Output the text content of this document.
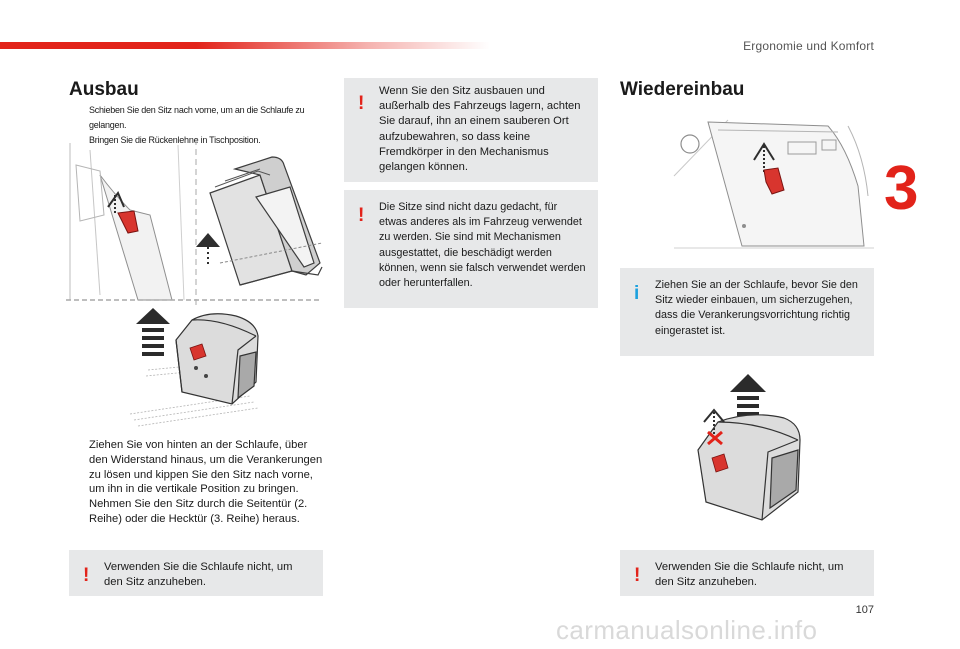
Ergonomie und Komfort
3
107
Ausbau
Schieben Sie den Sitz nach vorne, um an die Schlaufe zu gelangen.
Bringen Sie die Rückenlehne in Tischposition.
Ziehen Sie von hinten an der Schlaufe, über den Widerstand hinaus, um die Verankerungen zu lösen und kippen Sie den Sitz nach vorne, um ihn in die vertikale Position zu bringen.
Nehmen Sie den Sitz durch die Seitentür (2. Reihe) oder die Hecktür (3. Reihe) heraus.
! Verwenden Sie die Schlaufe nicht, um den Sitz anzuheben.

!

Wenn Sie den Sitz ausbauen und außerhalb des Fahrzeugs lagern, achten Sie darauf, ihn an einem sauberen Ort aufzubewahren, so dass keine Fremdkörper in den Mechanismus gelangen können.

! Die Sitze sind nicht dazu gedacht, für etwas anderes als im Fahrzeug verwendet zu werden. Sie sind mit Mechanismen ausgestattet, die beschädigt werden können, wenn sie falsch verwendet werden oder herunterfallen.

Wiedereinbau
i Ziehen Sie an der Schlaufe, bevor Sie den Sitz wieder einbauen, um sicherzugehen, dass die Verankerungsvorrichtung richtig eingerastet ist.

! Verwenden Sie die Schlaufe nicht, um den Sitz anzuheben.

carmanualsonline.info
